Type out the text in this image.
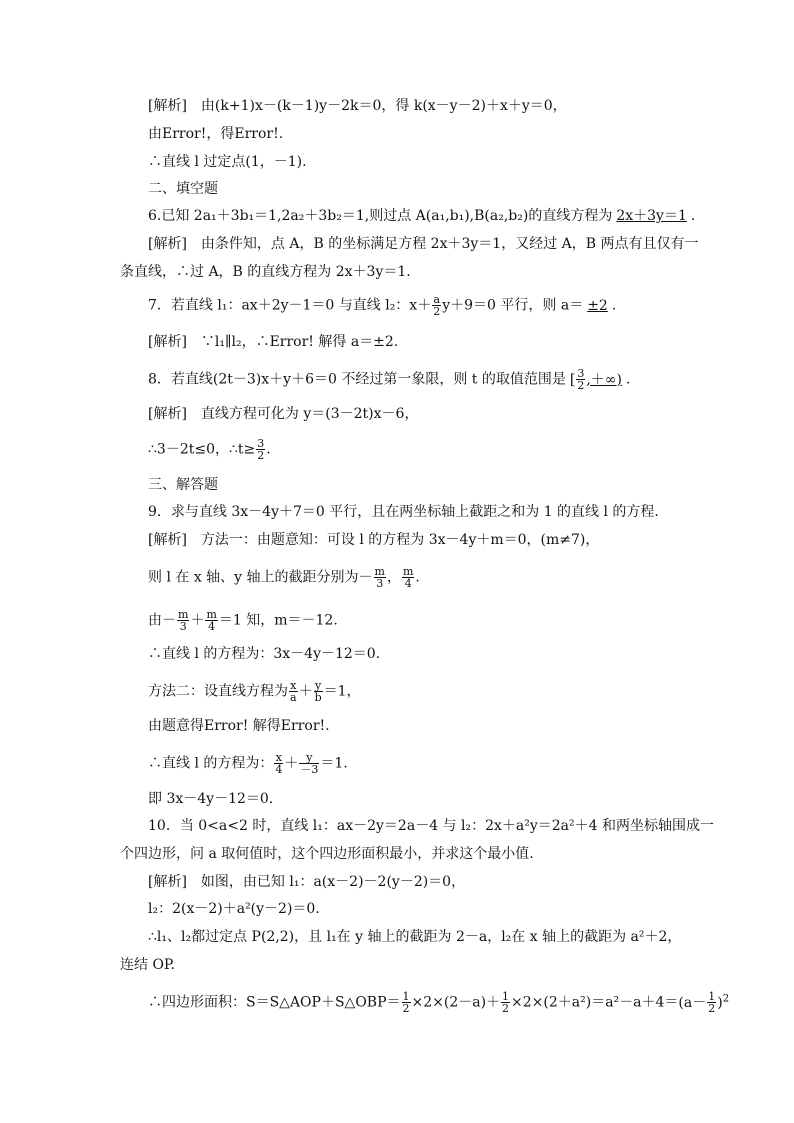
[解析]　由(k+1)x－(k－1)y－2k＝0，得 k(x－y－2)＋x＋y＝0，
由Error!，得Error!.
∴直线 l 过定点(1，－1).
二、填空题
6.已知 2a₁＋3b₁＝1,2a₂＋3b₂＝1,则过点 A(a₁,b₁),B(a₂,b₂)的直线方程为 2x＋3y＝1 .
[解析]　由条件知，点 A，B 的坐标满足方程 2x＋3y＝1，又经过 A，B 两点有且仅有一
条直线，∴过 A，B 的直线方程为 2x＋3y＝1.
7．若直线 l₁：ax＋2y－1＝0 与直线 l₂：$x+ \frac{a}{2} y+9=0$ 平行，则 a＝ ±2 .
[解析]　∵l₁∥l₂，∴Error! 解得 a＝±2.
8．若直线(2t－3)x＋y＋6＝0 不经过第一象限，则 t 的取值范围是 [ $\frac{3}{2}$ ,＋∞) .
[解析]　直线方程可化为 y＝(3－2t)x－6，
∴3－2t≤0，∴t≥ $\frac{3}{2}$ .
三、解答题
9．求与直线 3x－4y＋7＝0 平行，且在两坐标轴上截距之和为 1 的直线 l 的方程.
[解析]　方法一：由题意知：可设 l 的方程为 3x－4y＋m＝0，(m≠7)，
则 l 在 x 轴、y 轴上的截距分别为－ $\frac{m}{3}$ ， $\frac{m}{4}$ .
由－ $\frac{m}{3} + \frac{m}{4} =1$ 知，m＝－12.
∴直线 l 的方程为：3x－4y－12＝0.
方法二：设直线方程为 $\frac{x}{a} + \frac{y}{b} =1$，
由题意得Error! 解得Error!.
∴直线 l 的方程为： $\frac{x}{4} + \frac{y}{-3} =1$.
即 3x－4y－12＝0.
10．当 0<a<2 时，直线 l₁：ax－2y＝2a－4 与 l₂：2x＋a²y＝2a²＋4 和两坐标轴围成一
个四边形，问 a 取何值时，这个四边形面积最小，并求这个最小值.
[解析]　如图，由已知 l₁：a(x－2)－2(y－2)＝0，
l₂：2(x－2)＋a²(y－2)＝0.
∴l₁、l₂都过定点 P(2,2)，且 l₁在 y 轴上的截距为 2－a，l₂在 x 轴上的截距为 a²＋2，
连结 OP.
∴四边形面积：S＝S△AOP＋S△OBP＝ $\frac{1}{2} \times 2\times(2-a)+ \frac{1}{2} \times 2\times(2+a^2)=a^2-a+4=(a- \frac{1}{2} )^2$
